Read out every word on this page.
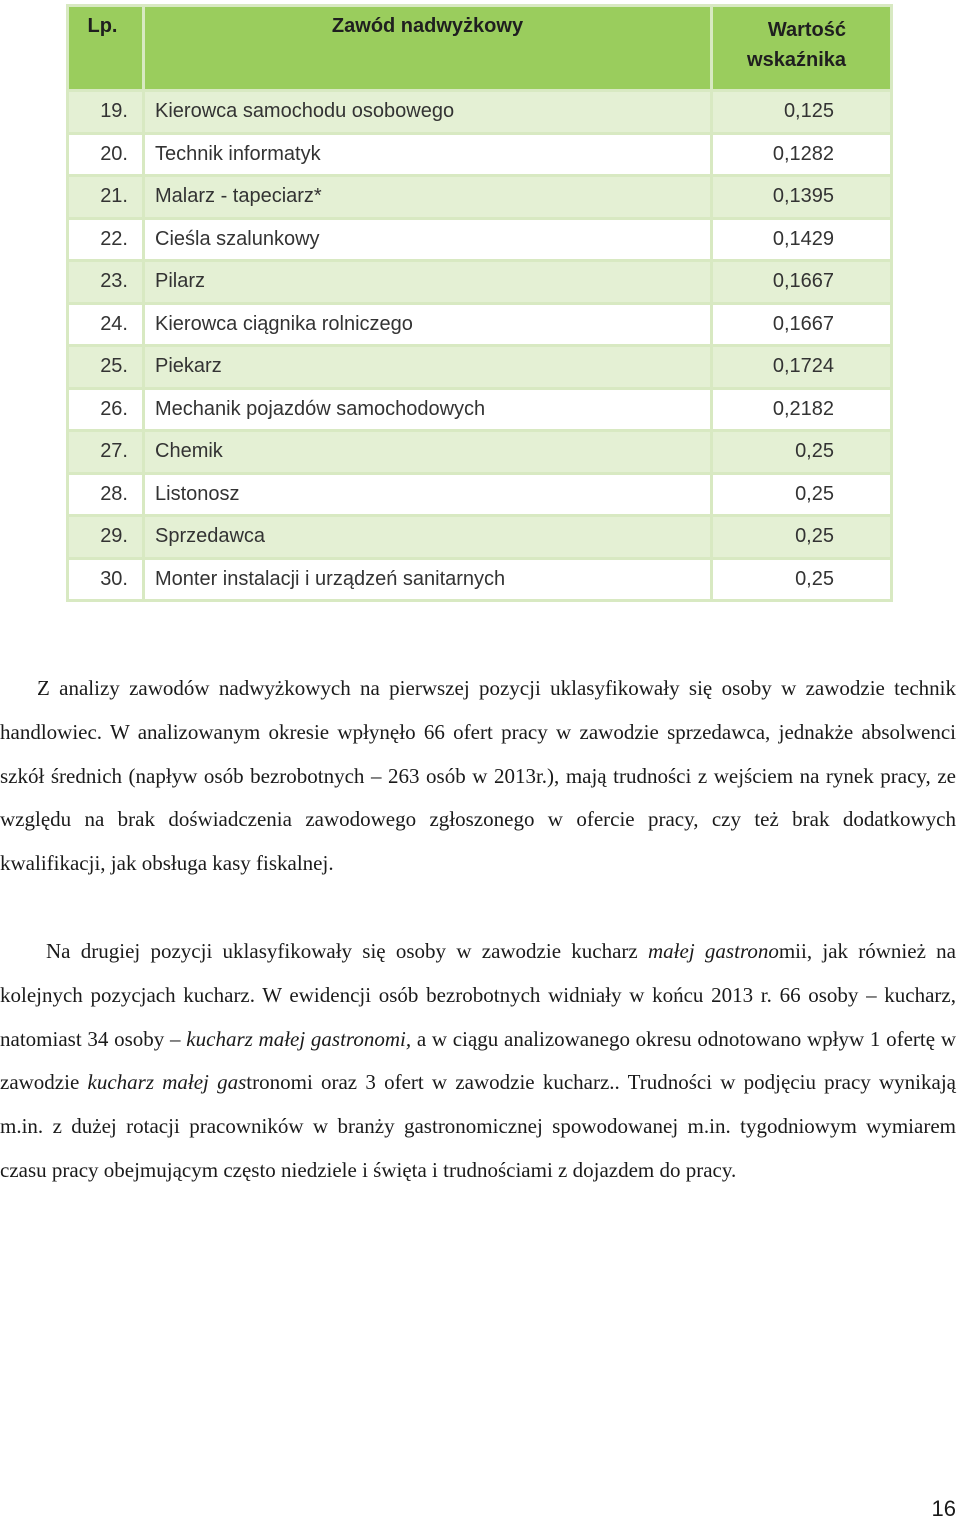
Lp.	Zawód nadwyżkowy	Wartość wskaźnika
19.	Kierowca samochodu osobowego	0,125
20.	Technik informatyk	0,1282
21.	Malarz - tapeciarz*	0,1395
22.	Cieśla szalunkowy	0,1429
23.	Pilarz	0,1667
24.	Kierowca ciągnika rolniczego	0,1667
25.	Piekarz	0,1724
26.	Mechanik pojazdów samochodowych	0,2182
27.	Chemik	0,25
28.	Listonosz	0,25
29.	Sprzedawca	0,25
30.	Monter instalacji i urządzeń sanitarnych	0,25

Z analizy zawodów nadwyżkowych na pierwszej pozycji uklasyfikowały się osoby w zawodzie technik handlowiec. W analizowanym okresie wpłynęło 66 ofert pracy w zawodzie sprzedawca, jednakże absolwenci szkół średnich (napływ osób bezrobotnych – 263 osób w 2013r.), mają trudności z wejściem na rynek pracy, ze względu na brak doświadczenia zawodowego zgłoszonego w ofercie pracy, czy też brak dodatkowych kwalifikacji, jak obsługa kasy fiskalnej.

Na drugiej pozycji uklasyfikowały się osoby w zawodzie kucharz małej gastronomii, jak również na kolejnych pozycjach kucharz. W ewidencji osób bezrobotnych widniały w końcu 2013 r. 66 osoby – kucharz, natomiast 34 osoby – kucharz małej gastronomi, a w ciągu analizowanego okresu odnotowano wpływ 1 ofertę w zawodzie kucharz małej gastronomi oraz 3 ofert w zawodzie kucharz.. Trudności w podjęciu pracy wynikają m.in. z dużej rotacji pracowników w branży gastronomicznej spowodowanej m.in. tygodniowym wymiarem czasu pracy obejmującym często niedziele i święta i trudnościami z dojazdem do pracy.

16
